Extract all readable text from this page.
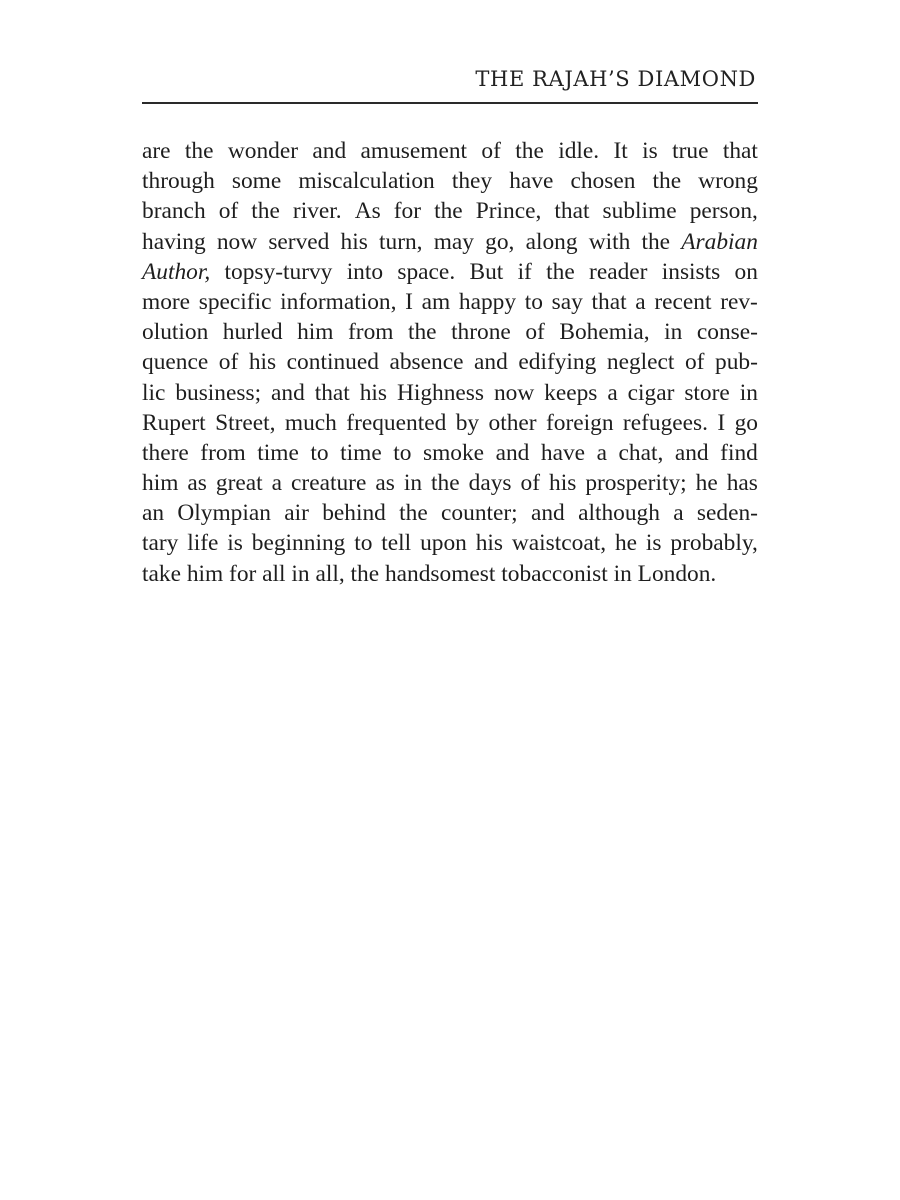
THE RAJAH’S DIAMOND
are the wonder and amusement of the idle. It is true that
through some miscalculation they have chosen the wrong
branch of the river. As for the Prince, that sublime person,
having now served his turn, may go, along with the Arabian
Author, topsy-turvy into space. But if the reader insists on
more specific information, I am happy to say that a recent rev-
olution hurled him from the throne of Bohemia, in conse-
quence of his continued absence and edifying neglect of pub-
lic business; and that his Highness now keeps a cigar store in
Rupert Street, much frequented by other foreign refugees. I go
there from time to time to smoke and have a chat, and find
him as great a creature as in the days of his prosperity; he has
an Olympian air behind the counter; and although a seden-
tary life is beginning to tell upon his waistcoat, he is probably,
take him for all in all, the handsomest tobacconist in London.
